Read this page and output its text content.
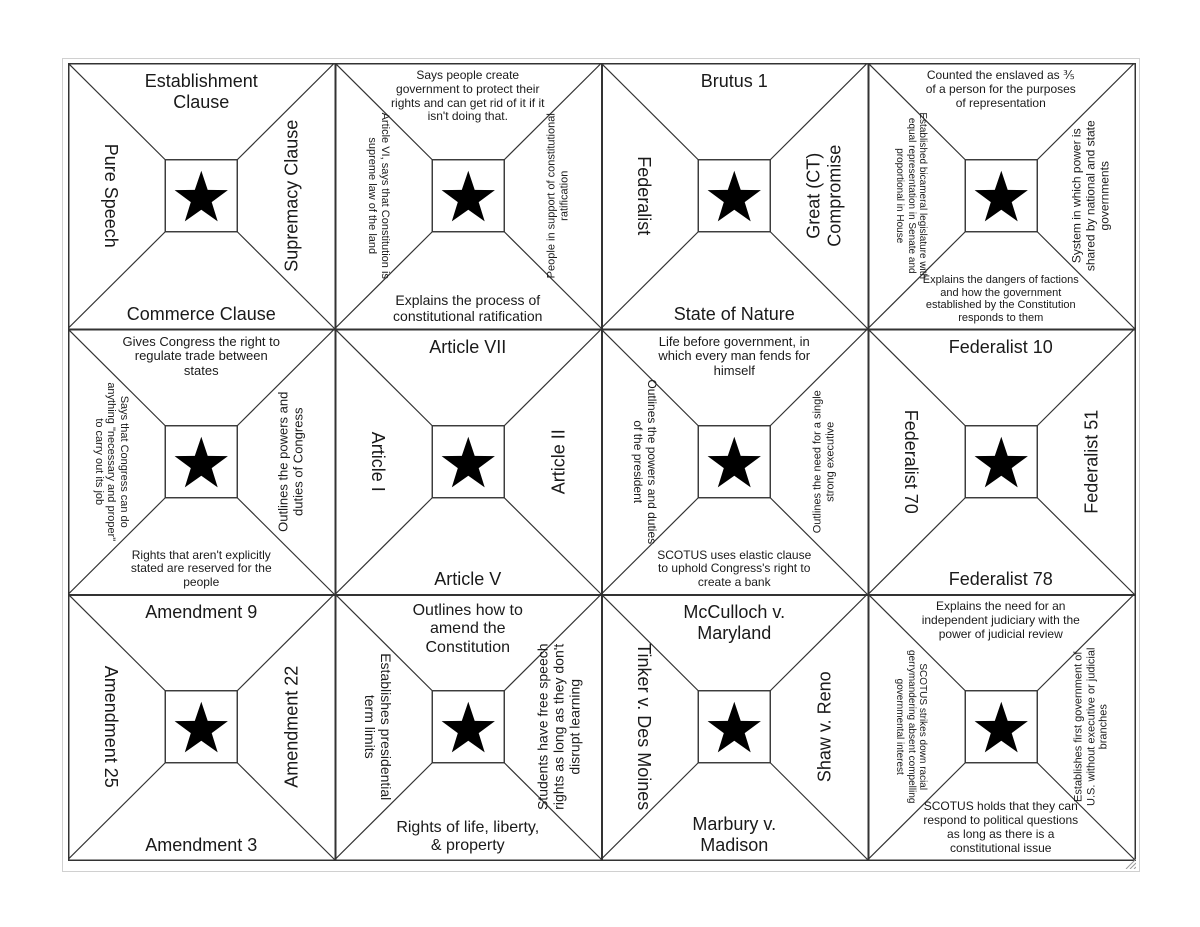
Establishment Clause
Commerce Clause
Pure Speech	Supremacy Clause
Says people create government to protect their rights and can get rid of it if it isn't doing that.
Explains the process of constitutional ratification
Article VI, says that Constitution is supreme law of the land	People in support of constitutional ratification
Brutus 1
State of Nature
Federalist	Great (CT) Compromise
Counted the enslaved as ⅗ of a person for the purposes of representation
Explains the dangers of factions and how the government established by the Constitution responds to them
Established bicameral legislature with equal representation in Senate and proportional in House	System in which power is shared by national and state governments
Gives Congress the right to regulate trade between states
Rights that aren't explicitly stated are reserved for the people
Says that Congress can do anything "necessary and proper" to carry out its job	Outlines the powers and duties of Congress
Article VII
Article V
Article I	Article II
Life before government, in which every man fends for himself
SCOTUS uses elastic clause to uphold Congress's right to create a bank
Outlines the powers and duties of the president	Outlines the need for a single strong executive
Federalist 10
Federalist 78
Federalist 70	Federalist 51
Amendment 9
Amendment 3
Amendment 25	Amendment 22
Outlines how to amend the Constitution
Rights of life, liberty, & property
Establishes presidential term limits	Students have free speech rights as long as they don't disrupt learning
McCulloch v. Maryland
Marbury v. Madison
Tinker v. Des Moines	Shaw v. Reno
Explains the need for an independent judiciary with the power of judicial review
SCOTUS holds that they can respond to political questions as long as there is a constitutional issue
SCOTUS strikes down racial gerrymandering absent compelling governmental interest	Establishes first government of U.S. without executive or judicial branches
